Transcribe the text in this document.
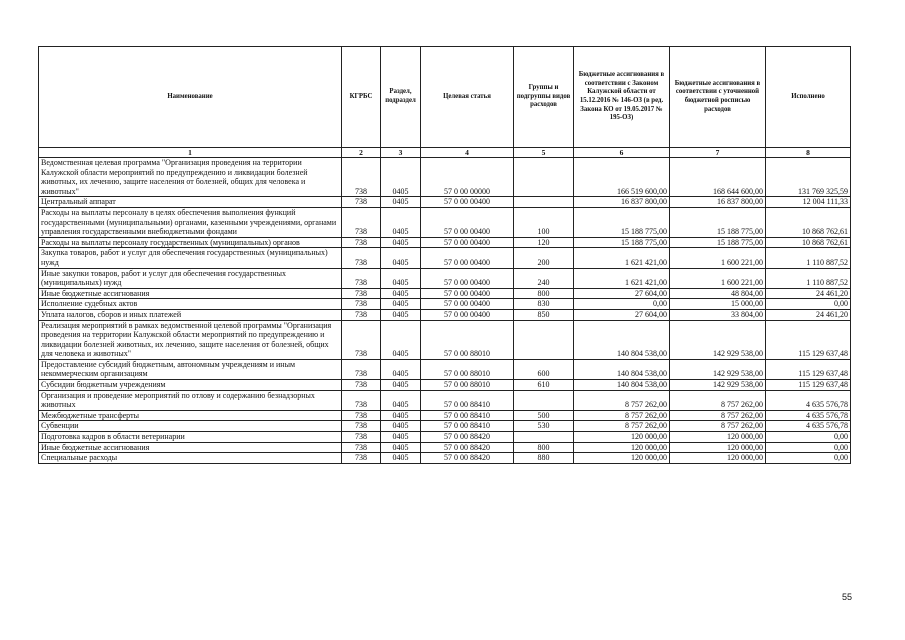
Наименование	КГРБС	Раздел, подраздел	Целевая статья	Группы и подгруппы видов расходов	Бюджетные ассигнования в соответствии с Законом Калужской области от 15.12.2016 № 146-ОЗ (в ред. Закона КО от 19.05.2017 № 195-ОЗ)	Бюджетные ассигнования в соответствии с уточненной бюджетной росписью расходов	Исполнено
1	2	3	4	5	6	7	8
Ведомственная целевая программа "Организация проведения на территории Калужской области мероприятий по предупреждению и ликвидации болезней животных, их лечению, защите населения от болезней, общих для человека и животных"	738	0405	57 0 00 00000		166 519 600,00	168 644 600,00	131 769 325,59
Центральный аппарат	738	0405	57 0 00 00400		16 837 800,00	16 837 800,00	12 004 111,33
Расходы на выплаты персоналу в целях обеспечения выполнения функций государственными (муниципальными) органами, казенными учреждениями, органами управления государственными внебюджетными фондами	738	0405	57 0 00 00400	100	15 188 775,00	15 188 775,00	10 868 762,61
Расходы на выплаты персоналу государственных (муниципальных) органов	738	0405	57 0 00 00400	120	15 188 775,00	15 188 775,00	10 868 762,61
Закупка товаров, работ и услуг для обеспечения государственных (муниципальных) нужд	738	0405	57 0 00 00400	200	1 621 421,00	1 600 221,00	1 110 887,52
Иные закупки товаров, работ и услуг для обеспечения государственных (муниципальных) нужд	738	0405	57 0 00 00400	240	1 621 421,00	1 600 221,00	1 110 887,52
Иные бюджетные ассигнования	738	0405	57 0 00 00400	800	27 604,00	48 804,00	24 461,20
Исполнение судебных актов	738	0405	57 0 00 00400	830	0,00	15 000,00	0,00
Уплата налогов, сборов и иных платежей	738	0405	57 0 00 00400	850	27 604,00	33 804,00	24 461,20
Реализация мероприятий в рамках ведомственной целевой программы "Организация проведения на территории Калужской области мероприятий по предупреждению и ликвидации болезней животных, их лечению, защите населения от болезней, общих для человека и животных"	738	0405	57 0 00 88010		140 804 538,00	142 929 538,00	115 129 637,48
Предоставление субсидий бюджетным, автономным учреждениям и иным некоммерческим организациям	738	0405	57 0 00 88010	600	140 804 538,00	142 929 538,00	115 129 637,48
Субсидии бюджетным учреждениям	738	0405	57 0 00 88010	610	140 804 538,00	142 929 538,00	115 129 637,48
Организация и проведение мероприятий по отлову и содержанию безнадзорных животных	738	0405	57 0 00 88410		8 757 262,00	8 757 262,00	4 635 576,78
Межбюджетные трансферты	738	0405	57 0 00 88410	500	8 757 262,00	8 757 262,00	4 635 576,78
Субвенции	738	0405	57 0 00 88410	530	8 757 262,00	8 757 262,00	4 635 576,78
Подготовка кадров в области ветеринарии	738	0405	57 0 00 88420		120 000,00	120 000,00	0,00
Иные бюджетные ассигнования	738	0405	57 0 00 88420	800	120 000,00	120 000,00	0,00
Специальные расходы	738	0405	57 0 00 88420	880	120 000,00	120 000,00	0,00
55
